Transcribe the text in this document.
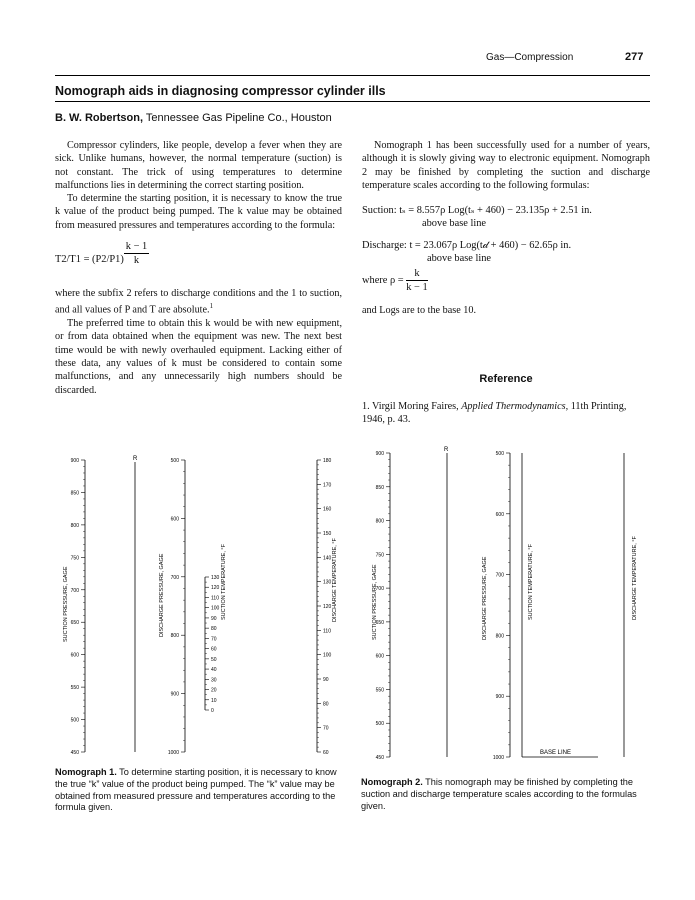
Gas—Compression	277
Nomograph aids in diagnosing compressor cylinder ills
B. W. Robertson, Tennessee Gas Pipeline Co., Houston

Compressor cylinders, like people, develop a fever when they are sick. Unlike humans, however, the normal temperature (suction) is not constant. The trick of using temperatures to determine malfunctions lies in determining the correct starting position.

To determine the starting position, it is necessary to know the true k value of the product being pumped. The k value may be obtained from measured pressures and temperatures according to the formula:

$T2/T1 = (P2/P1) \frac{k - 1}{k}$

where the subfix 2 refers to discharge conditions and the 1 to suction, and all values of P and T are absolute.$^1$

The preferred time to obtain this k would be with new equipment, or from data obtained when the equipment was new. The next best time would be with newly overhauled equipment. Lacking either of these data, any values of k must be considered to contain some malfunctions, and any unnecessarily high numbers should be discarded.

Nomograph 1 has been successfully used for a number of years, although it is slowly giving way to electronic equipment. Nomograph 2 may be finished by completing the suction and discharge temperature scales according to the following formulas:

Suction: tₛ = 8.557ρ Log(tₛ + 460) − 23.135ρ + 2.51 in.
above base line
Discharge: t = 23.067ρ Log(t𝒹 + 460) − 62.65ρ in.
above base line
where $\rho = \frac{k}{k - 1}$
and Logs are to the base 10.
Reference
1. Virgil Moring Faires, Applied Thermodynamics, 11th Printing, 1946, p. 43.
900
850
800
750
700
650
600
550
500
450
500
600
700
800
900
1000
130
120
110
100
90
80
70
60
50
40
30
20
10
0
180
170
160
150
140
130
120
110
100
90
80
70
60
R
SUCTION PRESSURE, GAGE	DISCHARGE PRESSURE, GAGE	SUCTION TEMPERATURE, °F	DISCHARGE TEMPERATURE, °F
900
850
800
750
700
650
600
550
500
450
500
600
700
800
900
1000
R
SUCTION PRESSURE, GAGE	DISCHARGE PRESSURE, GAGE	SUCTION TEMPERATURE, °F	DISCHARGE TEMPERATURE, °F
BASE LINE
Nomograph 1. To determine starting position, it is necessary to know the true “k” value of the product being pumped. The “k” value may be obtained from measured pressure and temperatures according to the formula given.
Nomograph 2. This nomograph may be finished by completing the suction and discharge temperature scales according to the formulas given.
